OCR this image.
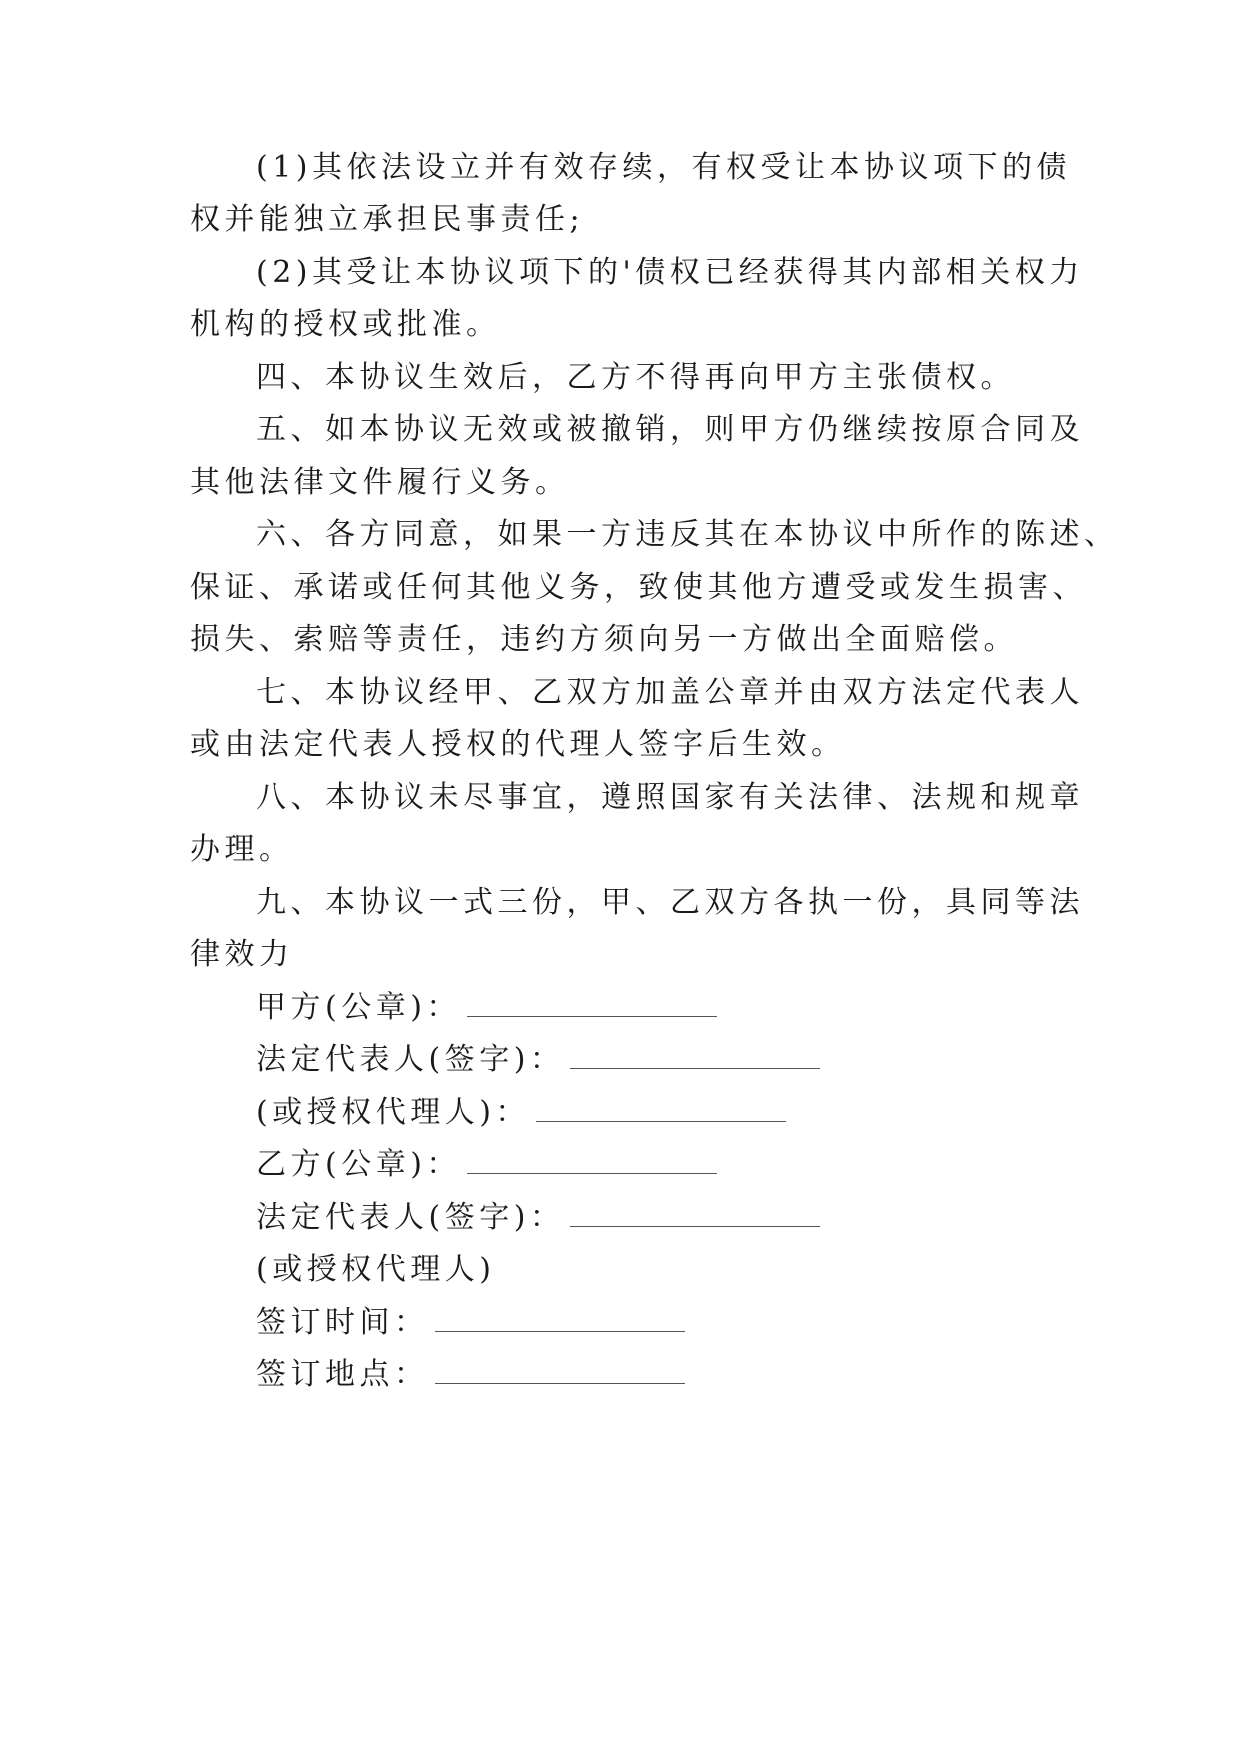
(1)其依法设立并有效存续，有权受让本协议项下的债
权并能独立承担民事责任;
(2)其受让本协议项下的'债权已经获得其内部相关权力
机构的授权或批准。
四、本协议生效后，乙方不得再向甲方主张债权。
五、如本协议无效或被撤销，则甲方仍继续按原合同及
其他法律文件履行义务。
六、各方同意，如果一方违反其在本协议中所作的陈述、
保证、承诺或任何其他义务，致使其他方遭受或发生损害、
损失、索赔等责任，违约方须向另一方做出全面赔偿。
七、本协议经甲、乙双方加盖公章并由双方法定代表人
或由法定代表人授权的代理人签字后生效。
八、本协议未尽事宜，遵照国家有关法律、法规和规章
办理。
九、本协议一式三份，甲、乙双方各执一份，具同等法
律效力
甲方(公章)：
法定代表人(签字)：
(或授权代理人)：
乙方(公章)：
法定代表人(签字)：
(或授权代理人)
签订时间：
签订地点：
